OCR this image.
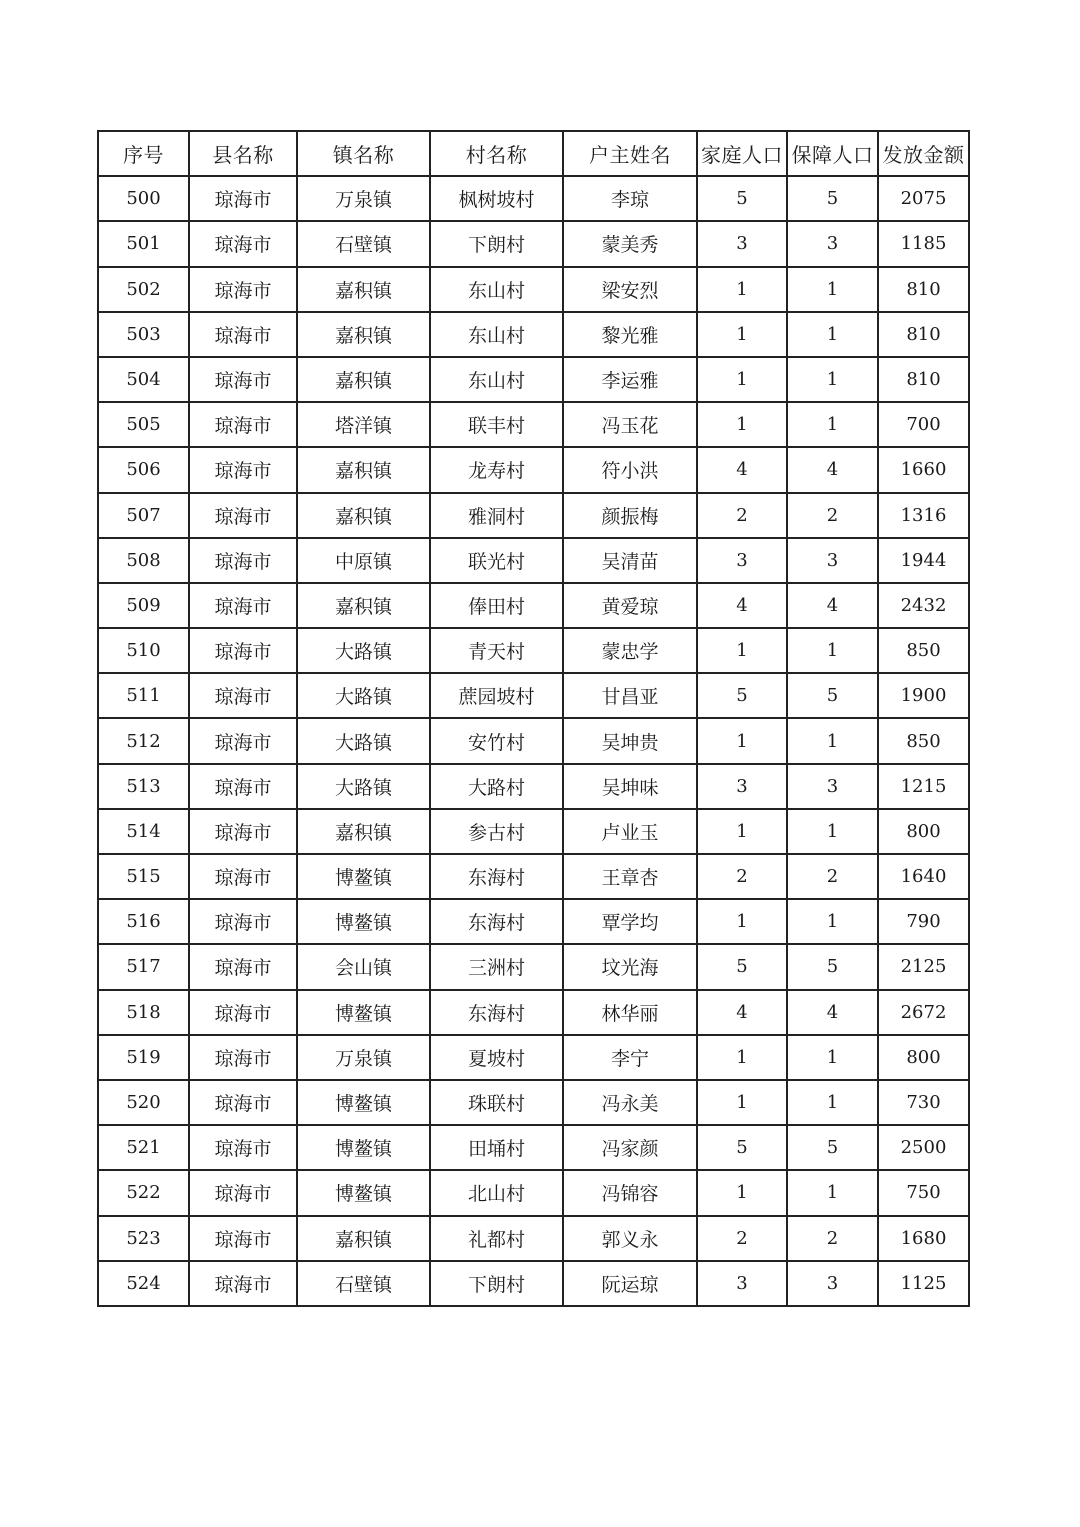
序号	县名称	镇名称	村名称	户主姓名	家庭人口	保障人口	发放金额
500	琼海市	万泉镇	枫树坡村	李琼	5	5	2075
501	琼海市	石壁镇	下朗村	蒙美秀	3	3	1185
502	琼海市	嘉积镇	东山村	梁安烈	1	1	810
503	琼海市	嘉积镇	东山村	黎光雅	1	1	810
504	琼海市	嘉积镇	东山村	李运雅	1	1	810
505	琼海市	塔洋镇	联丰村	冯玉花	1	1	700
506	琼海市	嘉积镇	龙寿村	符小洪	4	4	1660
507	琼海市	嘉积镇	雅洞村	颜振梅	2	2	1316
508	琼海市	中原镇	联光村	吴清苗	3	3	1944
509	琼海市	嘉积镇	俸田村	黄爱琼	4	4	2432
510	琼海市	大路镇	青天村	蒙忠学	1	1	850
511	琼海市	大路镇	蔗园坡村	甘昌亚	5	5	1900
512	琼海市	大路镇	安竹村	吴坤贵	1	1	850
513	琼海市	大路镇	大路村	吴坤味	3	3	1215
514	琼海市	嘉积镇	参古村	卢业玉	1	1	800
515	琼海市	博鳌镇	东海村	王章杏	2	2	1640
516	琼海市	博鳌镇	东海村	覃学均	1	1	790
517	琼海市	会山镇	三洲村	坟光海	5	5	2125
518	琼海市	博鳌镇	东海村	林华丽	4	4	2672
519	琼海市	万泉镇	夏坡村	李宁	1	1	800
520	琼海市	博鳌镇	珠联村	冯永美	1	1	730
521	琼海市	博鳌镇	田埇村	冯家颜	5	5	2500
522	琼海市	博鳌镇	北山村	冯锦容	1	1	750
523	琼海市	嘉积镇	礼都村	郭义永	2	2	1680
524	琼海市	石壁镇	下朗村	阮运琼	3	3	1125
